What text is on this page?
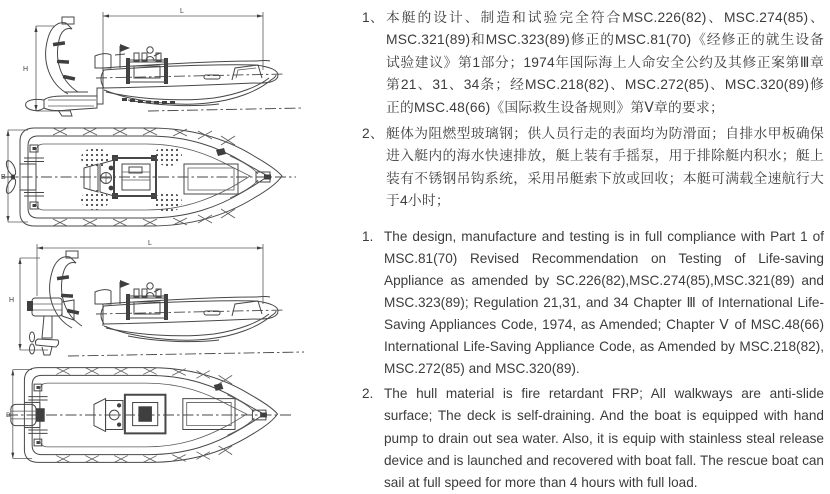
L
H
B
L
H
B
1、 本艇的设计、制造和试验完全符合MSC.226(82)、MSC.274(85)、MSC.321(89)和MSC.323(89)修正的MSC.81(70)《经修正的就生设备试验建议》第1部分；1974年国际海上人命安全公约及其修正案第Ⅲ章第21、31、34条；经MSC.218(82)、MSC.272(85)、MSC.320(89)修正的MSC.48(66)《国际救生设备规则》第Ⅴ章的要求；
2、 艇体为阻燃型玻璃钢；供人员行走的表面均为防滑面；自排水甲板确保进入艇内的海水快速排放，艇上装有手摇泵，用于排除艇内积水；艇上装有不锈钢吊钩系统，采用吊艇索下放或回收；本艇可满载全速航行大于4小时；
1. The design, manufacture and testing is in full compliance with Part 1 of MSC.81(70) Revised Recommendation on Testing of Life-saving Appliance as amended by SC.226(82),MSC.274(85),MSC.321(89) and MSC.323(89); Regulation 21,31, and 34 Chapter Ⅲ of International Life-Saving Appliances Code, 1974, as Amended; Chapter Ⅴ of MSC.48(66) International Life-Saving Appliance Code, as Amended by MSC.218(82), MSC.272(85) and MSC.320(89).
2. The hull material is fire retardant FRP; All walkways are anti-slide surface; The deck is self-draining. And the boat is equipped with hand pump to drain out sea water. Also, it is equip with stainless steal release device and is launched and recovered with boat fall. The rescue boat can sail at full speed for more than 4 hours with full load.
